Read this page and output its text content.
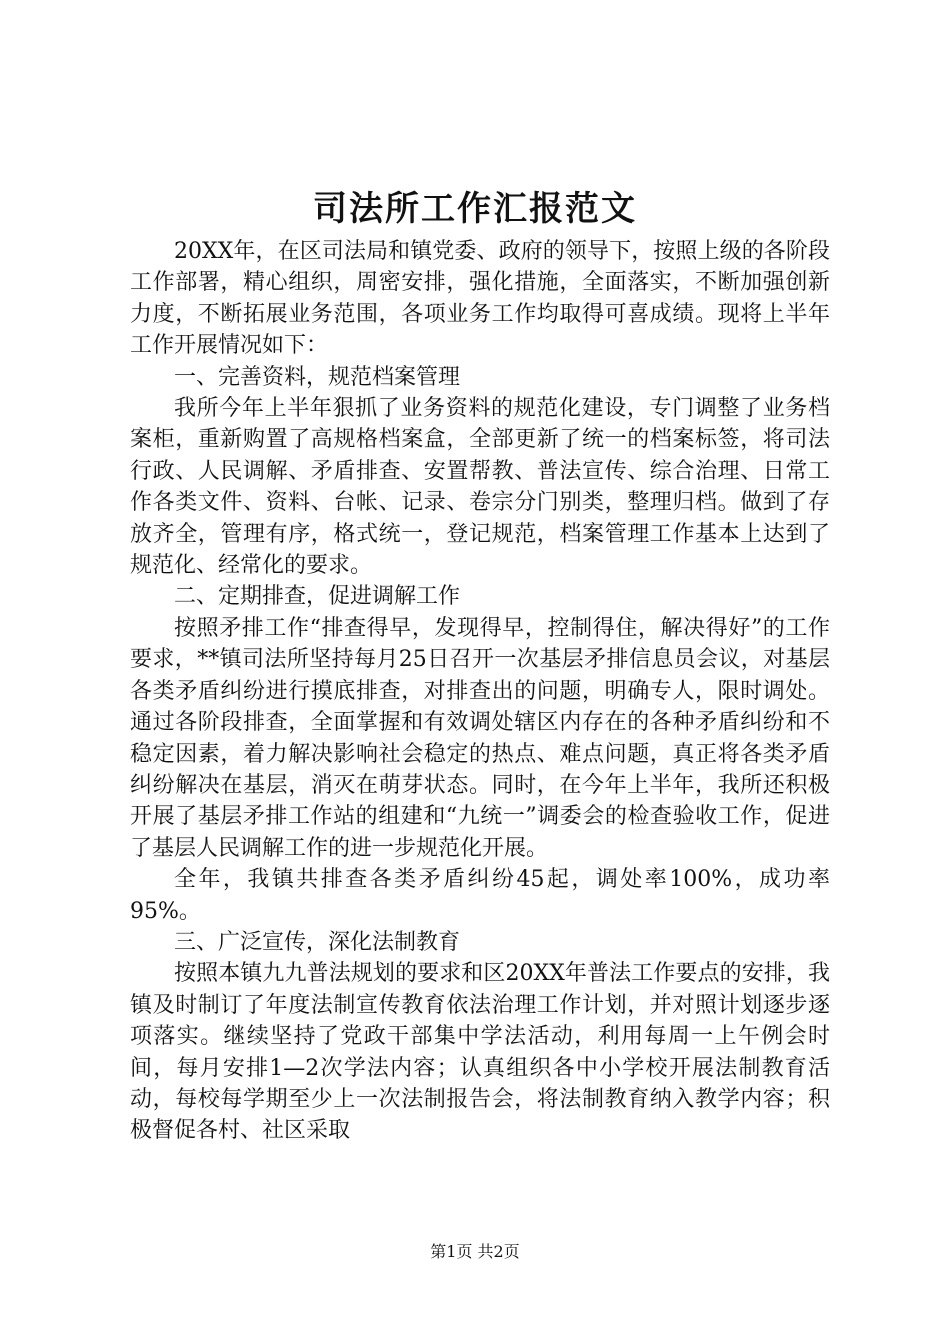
司法所工作汇报范文

20XX年，在区司法局和镇党委、政府的领导下，按照上级的各阶段工作部署，精心组织，周密安排，强化措施，全面落实，不断加强创新力度，不断拓展业务范围，各项业务工作均取得可喜成绩。现将上半年工作开展情况如下：

一、完善资料，规范档案管理

我所今年上半年狠抓了业务资料的规范化建设，专门调整了业务档案柜，重新购置了高规格档案盒，全部更新了统一的档案标签，将司法行政、人民调解、矛盾排查、安置帮教、普法宣传、综合治理、日常工作各类文件、资料、台帐、记录、卷宗分门别类，整理归档。做到了存放齐全，管理有序，格式统一，登记规范，档案管理工作基本上达到了规范化、经常化的要求。

二、定期排查，促进调解工作

按照矛排工作“排查得早，发现得早，控制得住，解决得好”的工作要求，**镇司法所坚持每月25日召开一次基层矛排信息员会议，对基层各类矛盾纠纷进行摸底排查，对排查出的问题，明确专人，限时调处。通过各阶段排查，全面掌握和有效调处辖区内存在的各种矛盾纠纷和不稳定因素，着力解决影响社会稳定的热点、难点问题，真正将各类矛盾纠纷解决在基层，消灭在萌芽状态。同时，在今年上半年，我所还积极开展了基层矛排工作站的组建和“九统一”调委会的检查验收工作，促进了基层人民调解工作的进一步规范化开展。

全年，我镇共排查各类矛盾纠纷45起，调处率100%，成功率95%。

三、广泛宣传，深化法制教育

按照本镇九九普法规划的要求和区20XX年普法工作要点的安排，我镇及时制订了年度法制宣传教育依法治理工作计划，并对照计划逐步逐项落实。继续坚持了党政干部集中学法活动，利用每周一上午例会时间，每月安排1—2次学法内容；认真组织各中小学校开展法制教育活动，每校每学期至少上一次法制报告会，将法制教育纳入教学内容；积极督促各村、社区采取

第1页 共2页
